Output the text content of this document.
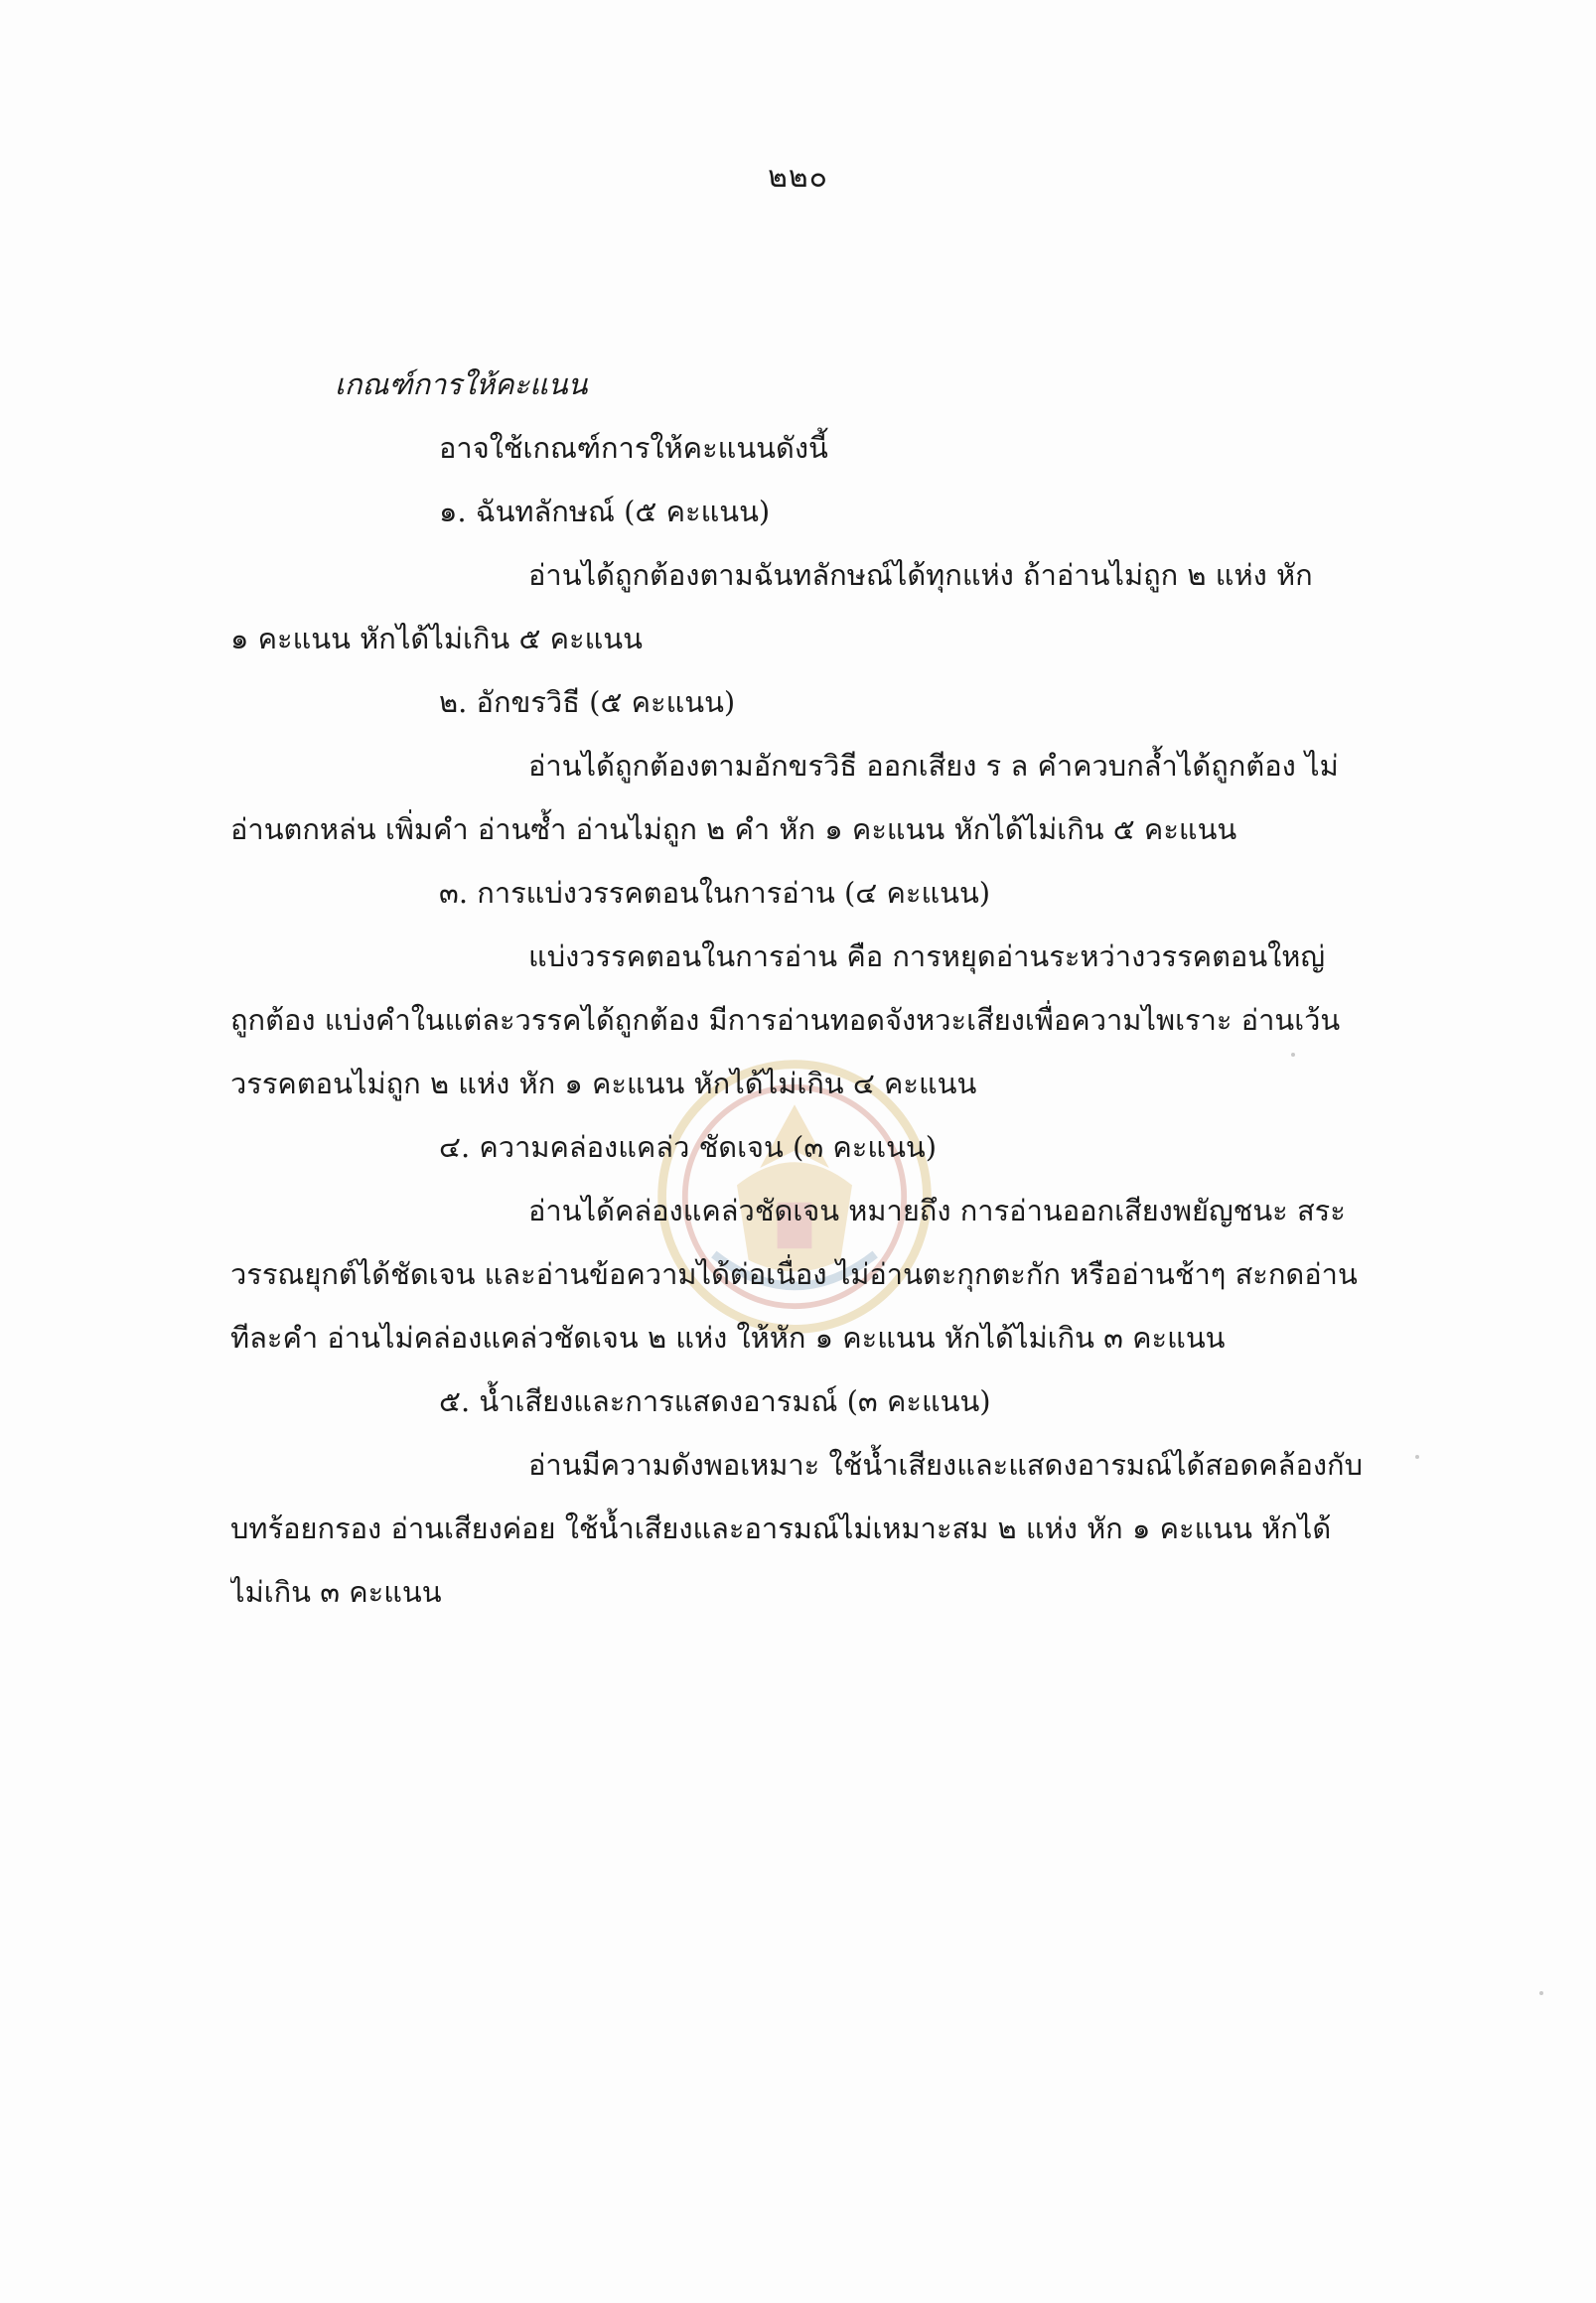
๒๒๐
เกณฑ์การให้คะแนน
อาจใช้เกณฑ์การให้คะแนนดังนี้
๑. ฉันทลักษณ์ (๕ คะแนน)
อ่านได้ถูกต้องตามฉันทลักษณ์ได้ทุกแห่ง ถ้าอ่านไม่ถูก ๒ แห่ง หัก
๑ คะแนน หักได้ไม่เกิน ๕ คะแนน
๒. อักขรวิธี (๕ คะแนน)
อ่านได้ถูกต้องตามอักขรวิธี ออกเสียง ร ล คำควบกล้ำได้ถูกต้อง ไม่
อ่านตกหล่น เพิ่มคำ อ่านซ้ำ อ่านไม่ถูก ๒ คำ หัก ๑ คะแนน หักได้ไม่เกิน ๕ คะแนน
๓. การแบ่งวรรคตอนในการอ่าน (๔ คะแนน)
แบ่งวรรคตอนในการอ่าน คือ การหยุดอ่านระหว่างวรรคตอนใหญ่
ถูกต้อง แบ่งคำในแต่ละวรรคได้ถูกต้อง มีการอ่านทอดจังหวะเสียงเพื่อความไพเราะ อ่านเว้น
วรรคตอนไม่ถูก ๒ แห่ง หัก ๑ คะแนน หักได้ไม่เกิน ๔ คะแนน
๔. ความคล่องแคล่ว ชัดเจน (๓ คะแนน)
อ่านได้คล่องแคล่วชัดเจน หมายถึง การอ่านออกเสียงพยัญชนะ สระ
วรรณยุกต์ได้ชัดเจน และอ่านข้อความได้ต่อเนื่อง ไม่อ่านตะกุกตะกัก หรืออ่านช้าๆ สะกดอ่าน
ทีละคำ อ่านไม่คล่องแคล่วชัดเจน ๒ แห่ง ให้หัก ๑ คะแนน หักได้ไม่เกิน ๓ คะแนน
๕. น้ำเสียงและการแสดงอารมณ์ (๓ คะแนน)
อ่านมีความดังพอเหมาะ ใช้น้ำเสียงและแสดงอารมณ์ได้สอดคล้องกับ
บทร้อยกรอง อ่านเสียงค่อย ใช้น้ำเสียงและอารมณ์ไม่เหมาะสม ๒ แห่ง หัก ๑ คะแนน หักได้
ไม่เกิน ๓ คะแนน
